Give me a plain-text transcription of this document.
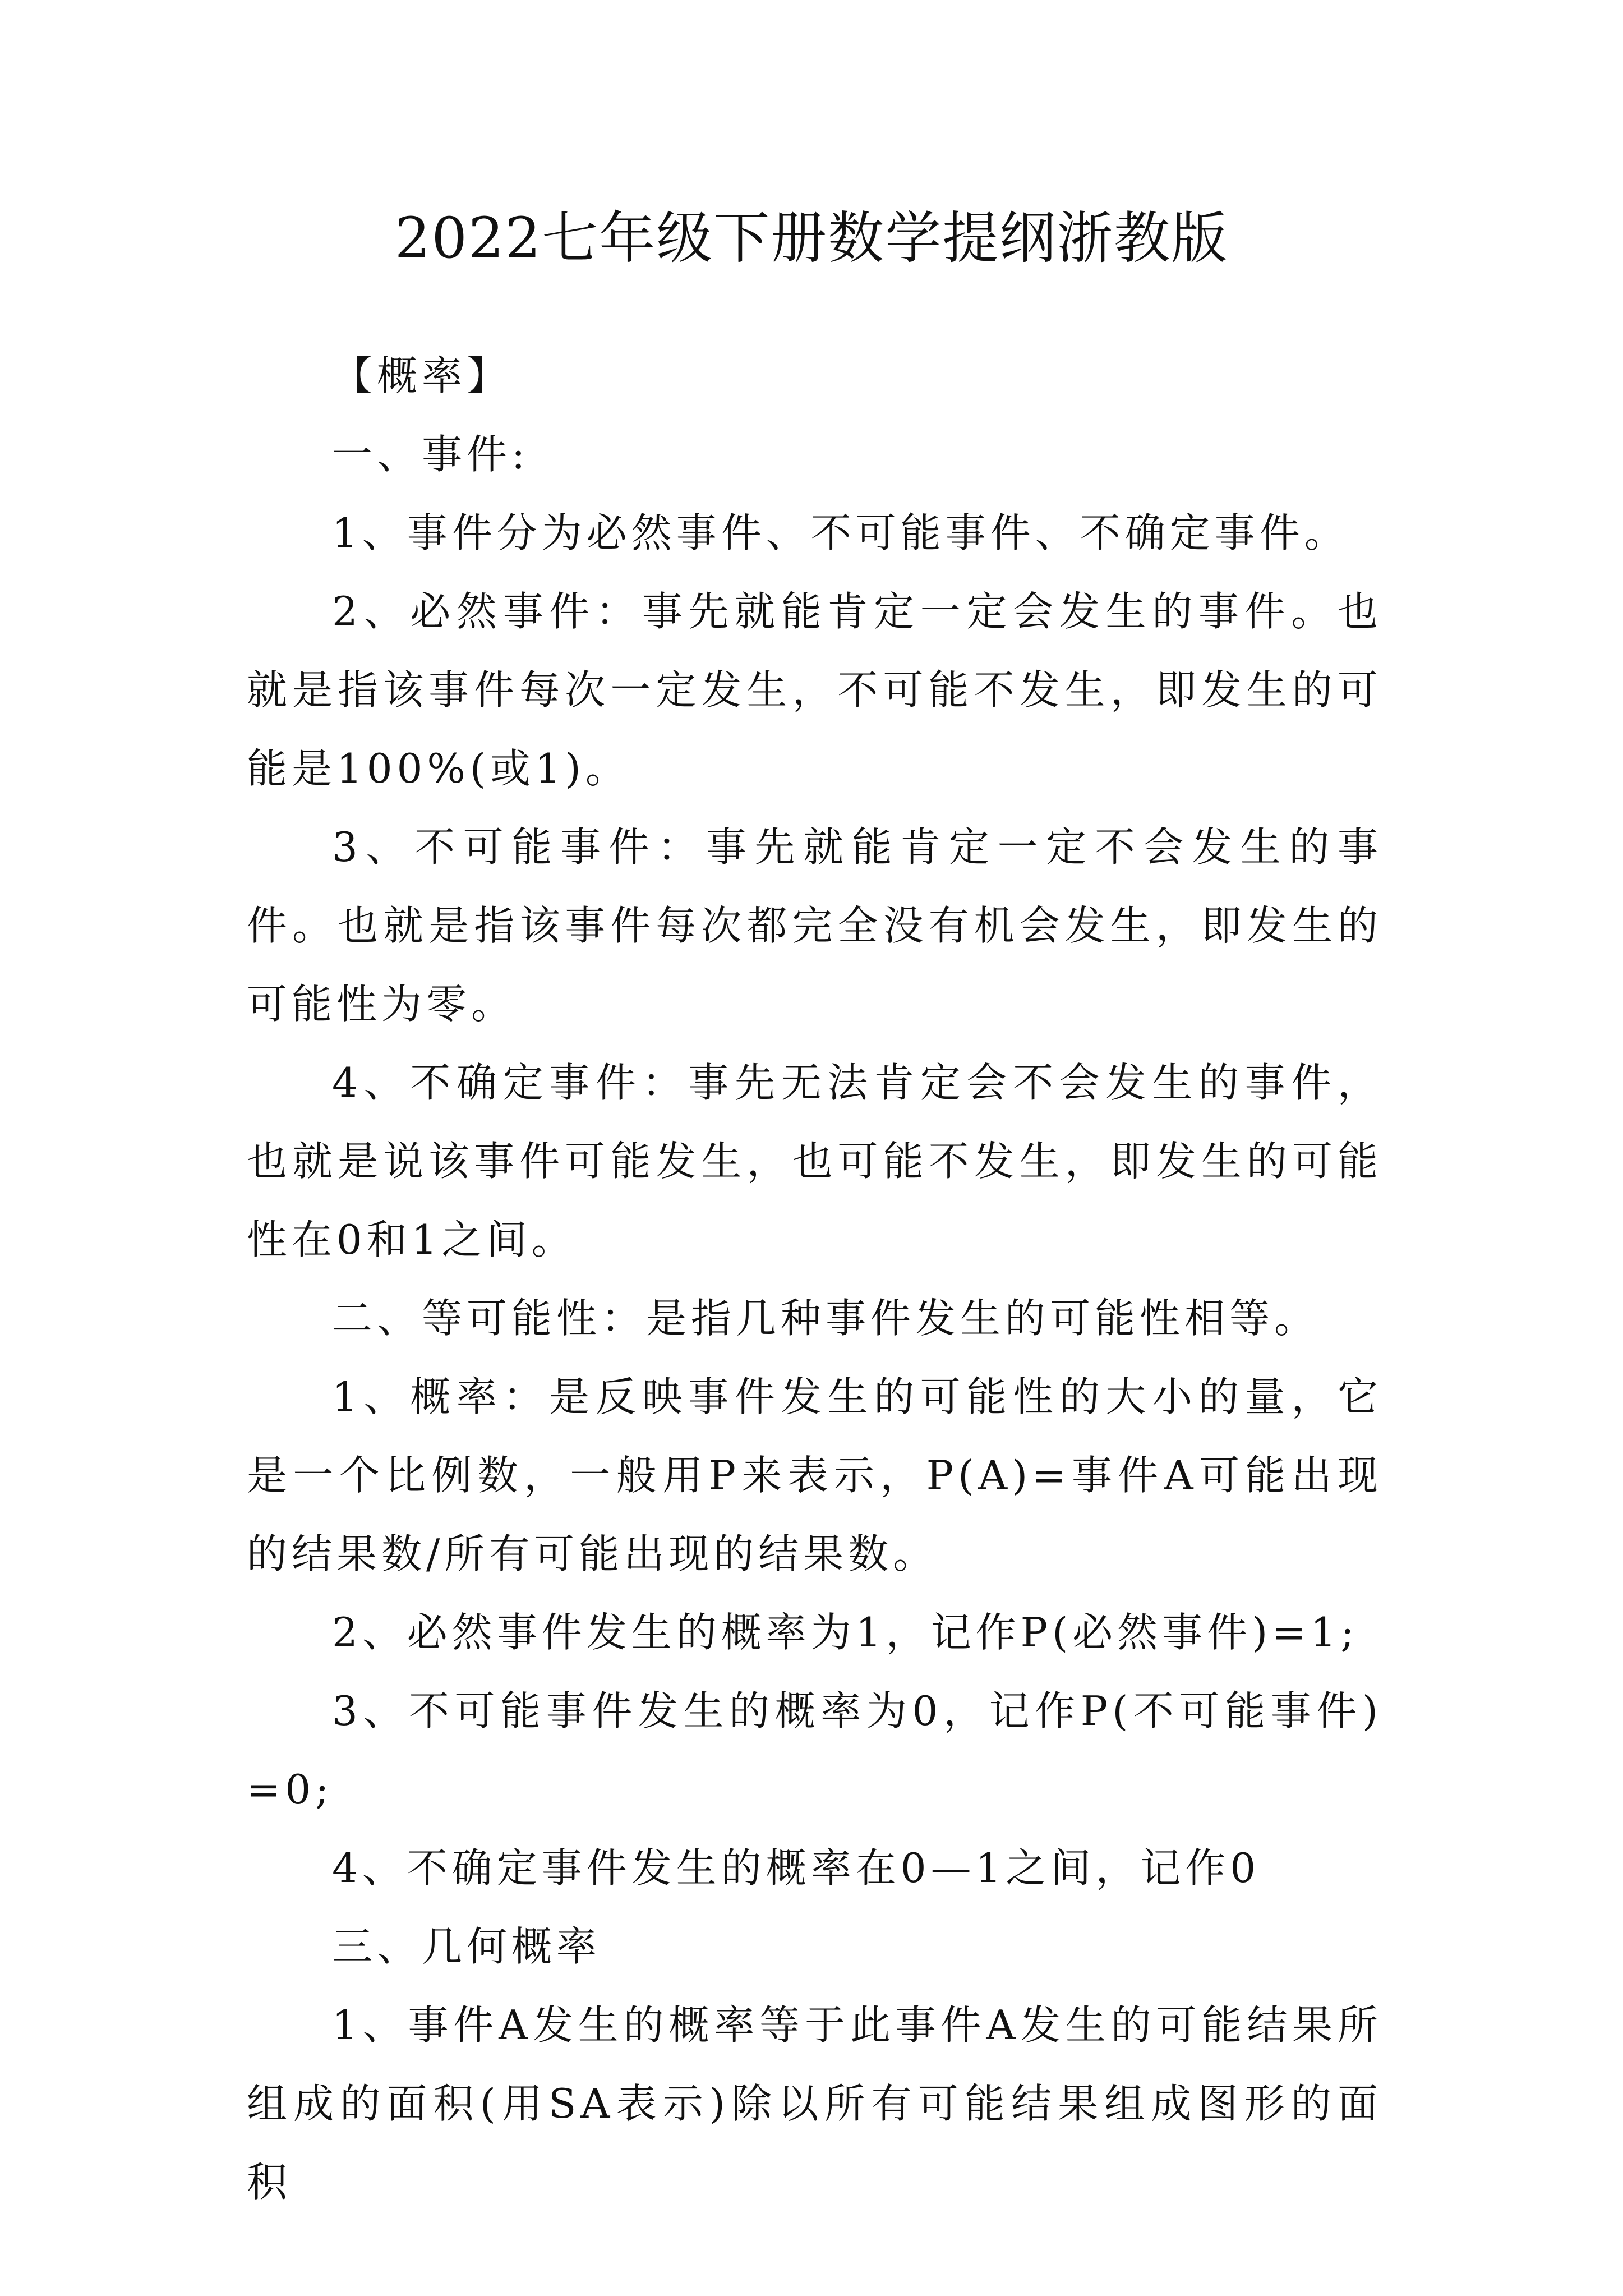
2022七年级下册数学提纲浙教版

【概率】

一、事件:

1、事件分为必然事件、不可能事件、不确定事件。

2、必然事件：事先就能肯定一定会发生的事件。也就是指该事件每次一定发生，不可能不发生，即发生的可能是100%(或1)。

3、不可能事件：事先就能肯定一定不会发生的事件。也就是指该事件每次都完全没有机会发生，即发生的可能性为零。

4、不确定事件：事先无法肯定会不会发生的事件，也就是说该事件可能发生，也可能不发生，即发生的可能性在0和1之间。

二、等可能性：是指几种事件发生的可能性相等。

1、概率：是反映事件发生的可能性的大小的量，它是一个比例数，一般用P来表示，P(A)=事件A可能出现的结果数/所有可能出现的结果数。

2、必然事件发生的概率为1，记作P(必然事件)=1;

3、不可能事件发生的概率为0，记作P(不可能事件)=0;

4、不确定事件发生的概率在0—1之间，记作0

三、几何概率

1、事件A发生的概率等于此事件A发生的可能结果所组成的面积(用SA表示)除以所有可能结果组成图形的面积
